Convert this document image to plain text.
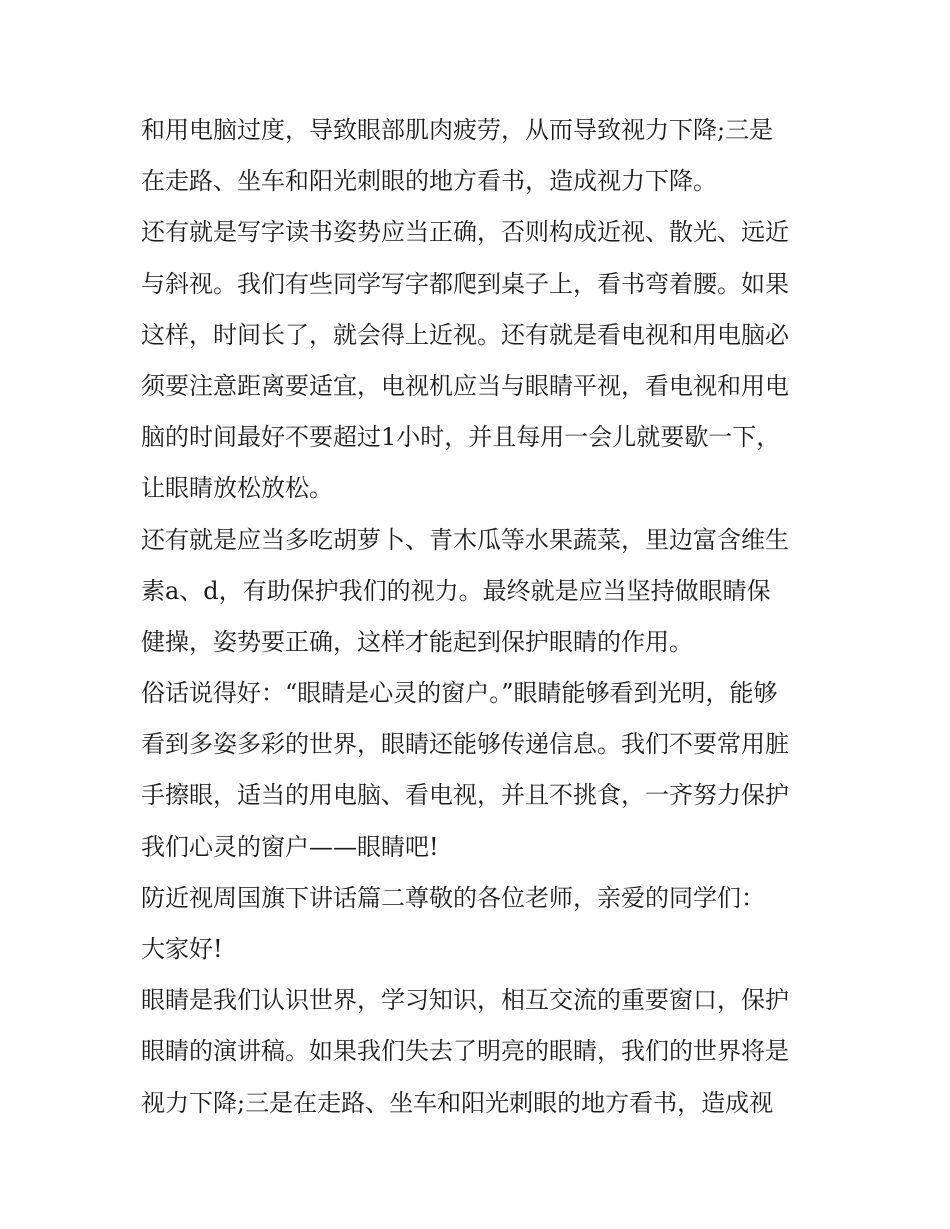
和用电脑过度，导致眼部肌肉疲劳，从而导致视力下降;三是
在走路、坐车和阳光刺眼的地方看书，造成视力下降。
还有就是写字读书姿势应当正确，否则构成近视、散光、远近
与斜视。我们有些同学写字都爬到桌子上，看书弯着腰。如果
这样，时间长了，就会得上近视。还有就是看电视和用电脑必
须要注意距离要适宜，电视机应当与眼睛平视，看电视和用电
脑的时间最好不要超过1小时，并且每用一会儿就要歇一下，
让眼睛放松放松。
还有就是应当多吃胡萝卜、青木瓜等水果蔬菜，里边富含维生
素a、d，有助保护我们的视力。最终就是应当坚持做眼睛保
健操，姿势要正确，这样才能起到保护眼睛的作用。
俗话说得好：“眼睛是心灵的窗户。”眼睛能够看到光明，能够
看到多姿多彩的世界，眼睛还能够传递信息。我们不要常用脏
手擦眼，适当的用电脑、看电视，并且不挑食，一齐努力保护
我们心灵的窗户——眼睛吧!
防近视周国旗下讲话篇二尊敬的各位老师，亲爱的同学们：
大家好!
眼睛是我们认识世界，学习知识，相互交流的重要窗口，保护
眼睛的演讲稿。如果我们失去了明亮的眼睛，我们的世界将是
视力下降;三是在走路、坐车和阳光刺眼的地方看书，造成视
